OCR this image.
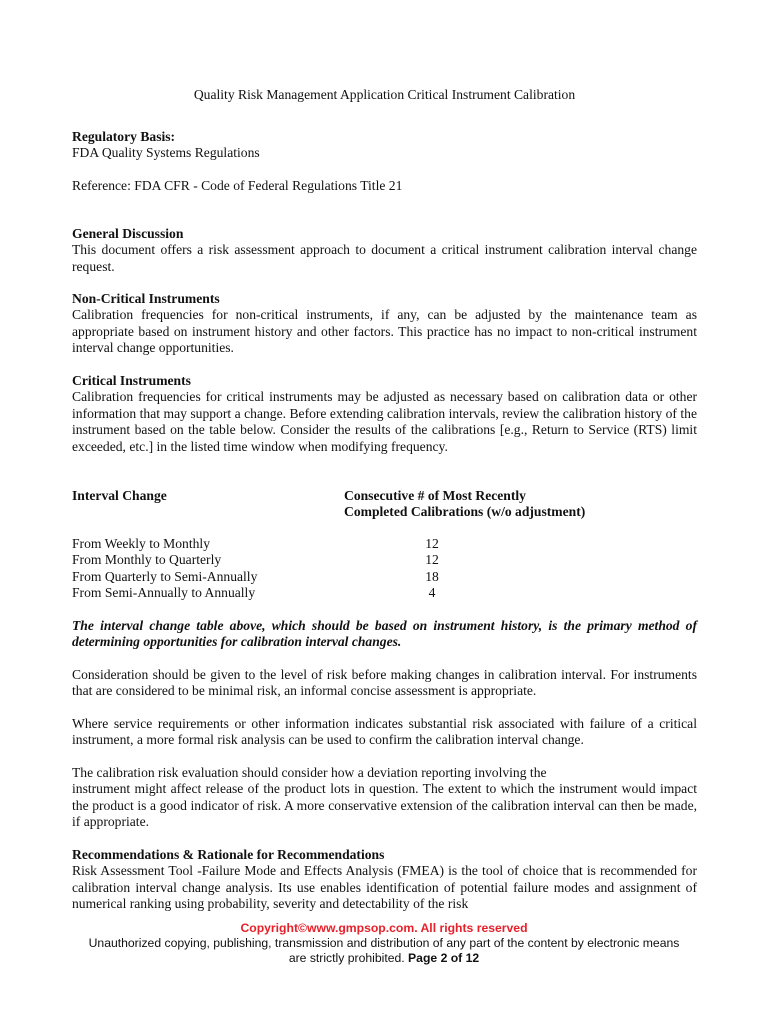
Quality Risk Management Application Critical Instrument Calibration
Regulatory Basis:
FDA Quality Systems Regulations
Reference: FDA CFR - Code of Federal Regulations Title 21
General Discussion
This document offers a risk assessment approach to document a critical instrument calibration interval change request.
Non-Critical Instruments
Calibration frequencies for non-critical instruments, if any, can be adjusted by the maintenance team as appropriate based on instrument history and other factors. This practice has no impact to non-critical instrument interval change opportunities.
Critical Instruments
Calibration frequencies for critical instruments may be adjusted as necessary based on calibration data or other information that may support a change. Before extending calibration intervals, review the calibration history of the instrument based on the table below. Consider the results of the calibrations [e.g., Return to Service (RTS) limit exceeded, etc.] in the listed time window when modifying frequency.
Interval Change	Consecutive # of Most Recently
Completed Calibrations (w/o adjustment)
From Weekly to Monthly	12
From Monthly to Quarterly	12
From Quarterly to Semi-Annually	18
From Semi-Annually to Annually	4
The interval change table above, which should be based on instrument history, is the primary method of determining opportunities for calibration interval changes.
Consideration should be given to the level of risk before making changes in calibration interval. For instruments that are considered to be minimal risk, an informal concise assessment is appropriate.
Where service requirements or other information indicates substantial risk associated with failure of a critical instrument, a more formal risk analysis can be used to confirm the calibration interval change.
The calibration risk evaluation should consider how a deviation reporting involving the
instrument might affect release of the product lots in question. The extent to which the instrument would impact the product is a good indicator of risk. A more conservative extension of the calibration interval can then be made, if appropriate.
Recommendations & Rationale for Recommendations
Risk Assessment Tool -Failure Mode and Effects Analysis (FMEA) is the tool of choice that is recommended for calibration interval change analysis. Its use enables identification of potential failure modes and assignment of numerical ranking using probability, severity and detectability of the risk
Copyright©www.gmpsop.com. All rights reserved
Unauthorized copying, publishing, transmission and distribution of any part of the content by electronic means
are strictly prohibited. Page 2 of 12
